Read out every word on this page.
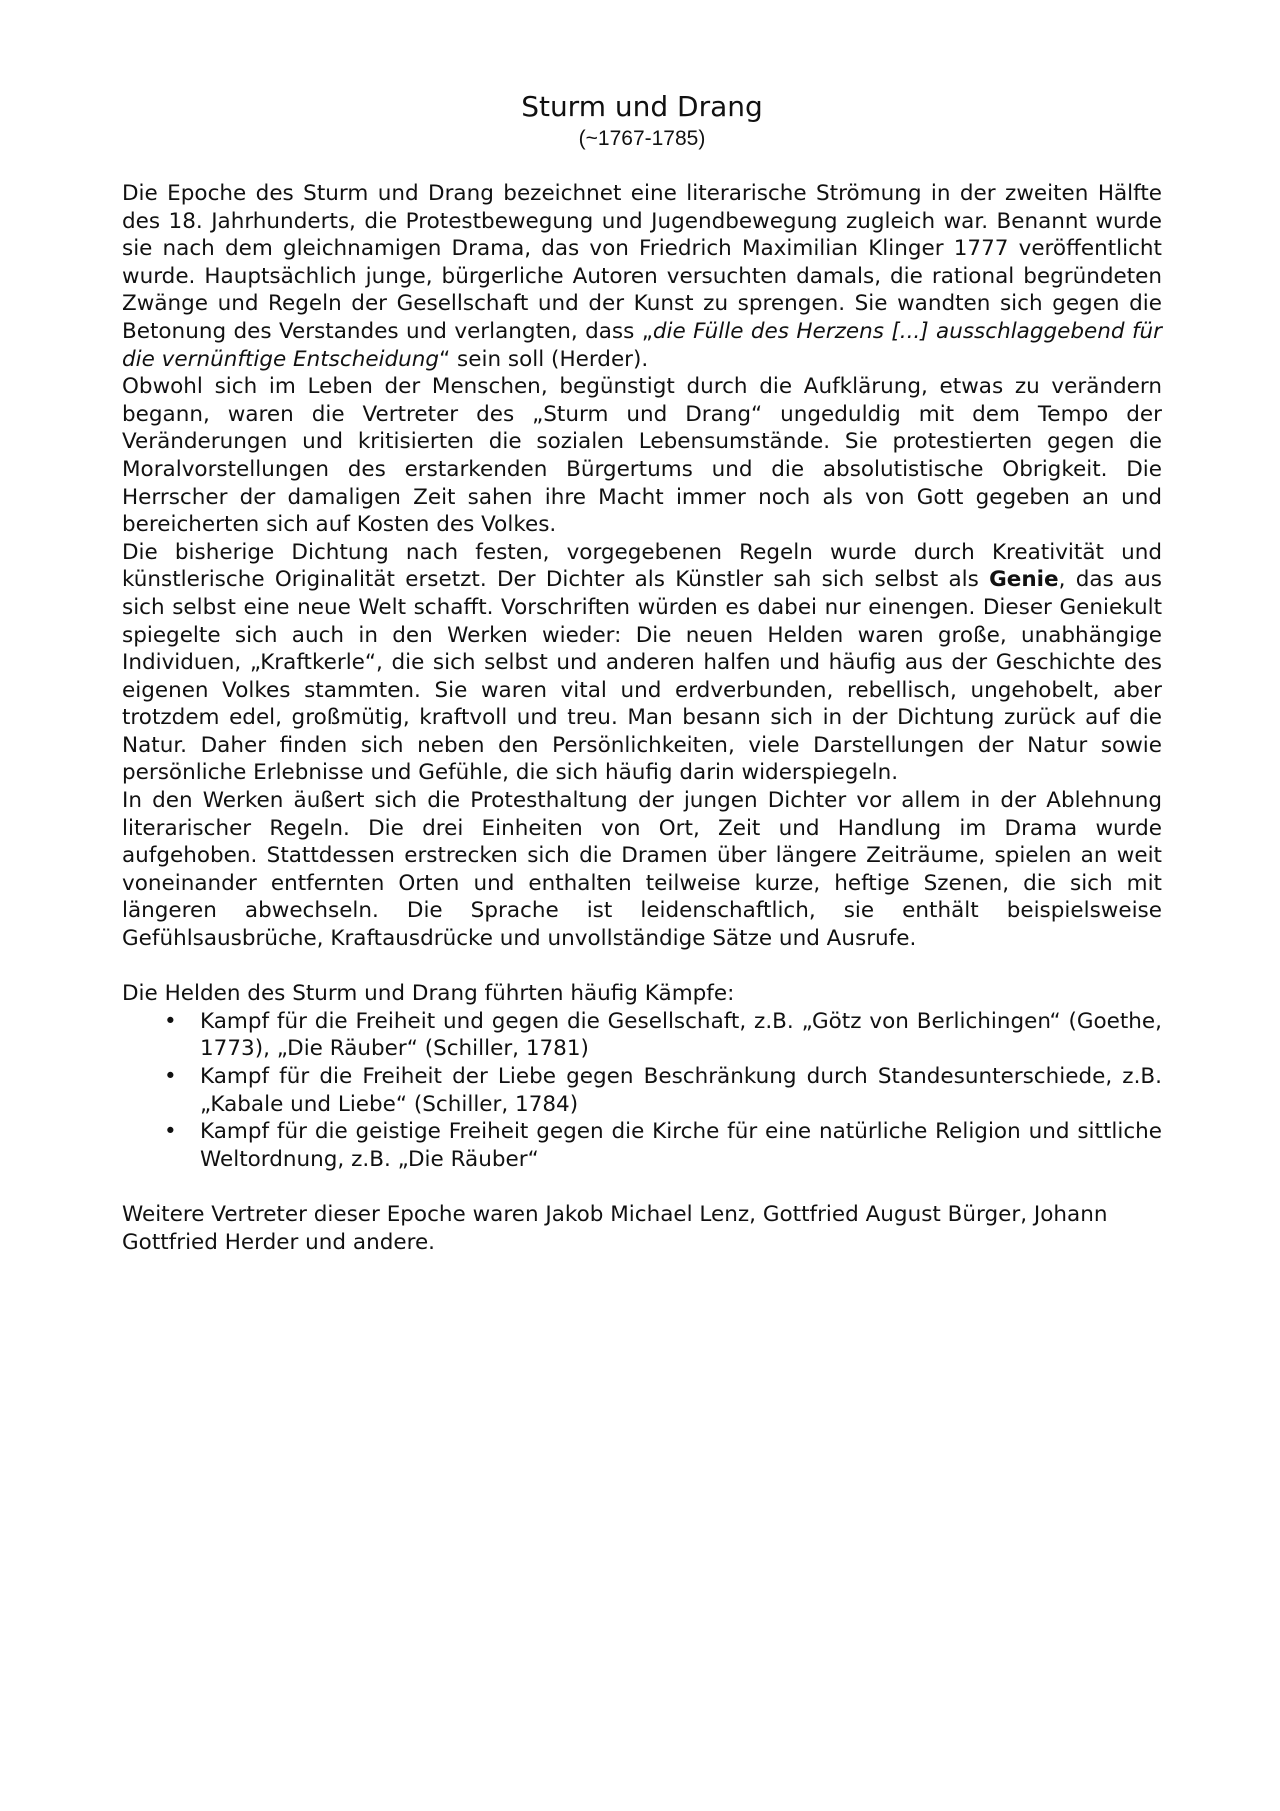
Sturm und Drang
(~1767-1785)

Die Epoche des Sturm und Drang bezeichnet eine literarische Strömung in der zweiten Hälfte des 18. Jahrhunderts, die Protestbewegung und Jugendbewegung zugleich war. Benannt wurde sie nach dem gleichnamigen Drama, das von Friedrich Maximilian Klinger 1777 veröffentlicht wurde. Hauptsächlich junge, bürgerliche Autoren versuchten damals, die rational begründeten Zwänge und Regeln der Gesellschaft und der Kunst zu sprengen. Sie wandten sich gegen die Betonung des Verstandes und verlangten, dass „die Fülle des Herzens [...] ausschlaggebend für die vernünftige Entscheidung“ sein soll (Herder).

Obwohl sich im Leben der Menschen, begünstigt durch die Aufklärung, etwas zu verändern begann, waren die Vertreter des „Sturm und Drang“ ungeduldig mit dem Tempo der Veränderungen und kritisierten die sozialen Lebensumstände. Sie protestierten gegen die Moralvorstellungen des erstarkenden Bürgertums und die absolutistische Obrigkeit. Die Herrscher der damaligen Zeit sahen ihre Macht immer noch als von Gott gegeben an und bereicherten sich auf Kosten des Volkes.

Die bisherige Dichtung nach festen, vorgegebenen Regeln wurde durch Kreativität und künstlerische Originalität ersetzt. Der Dichter als Künstler sah sich selbst als Genie, das aus sich selbst eine neue Welt schafft. Vorschriften würden es dabei nur einengen. Dieser Geniekult spiegelte sich auch in den Werken wieder: Die neuen Helden waren große, unabhängige Individuen, „Kraftkerle“, die sich selbst und anderen halfen und häufig aus der Geschichte des eigenen Volkes stammten. Sie waren vital und erdverbunden, rebellisch, ungehobelt, aber trotzdem edel, großmütig, kraftvoll und treu. Man besann sich in der Dichtung zurück auf die Natur. Daher finden sich neben den Persönlichkeiten, viele Darstellungen der Natur sowie persönliche Erlebnisse und Gefühle, die sich häufig darin widerspiegeln.

In den Werken äußert sich die Protesthaltung der jungen Dichter vor allem in der Ablehnung literarischer Regeln. Die drei Einheiten von Ort, Zeit und Handlung im Drama wurde aufgehoben. Stattdessen erstrecken sich die Dramen über längere Zeiträume, spielen an weit voneinander entfernten Orten und enthalten teilweise kurze, heftige Szenen, die sich mit längeren abwechseln. Die Sprache ist leidenschaftlich, sie enthält beispielsweise Gefühlsausbrüche, Kraftausdrücke und unvollständige Sätze und Ausrufe.

Die Helden des Sturm und Drang führten häufig Kämpfe:

• Kampf für die Freiheit und gegen die Gesellschaft, z.B. „Götz von Berlichingen“ (Goethe, 1773), „Die Räuber“ (Schiller, 1781)
• Kampf für die Freiheit der Liebe gegen Beschränkung durch Standesunterschiede, z.B. „Kabale und Liebe“ (Schiller, 1784)
• Kampf für die geistige Freiheit gegen die Kirche für eine natürliche Religion und sittliche Weltordnung, z.B. „Die Räuber“

Weitere Vertreter dieser Epoche waren Jakob Michael Lenz, Gottfried August Bürger, Johann Gottfried Herder und andere.
